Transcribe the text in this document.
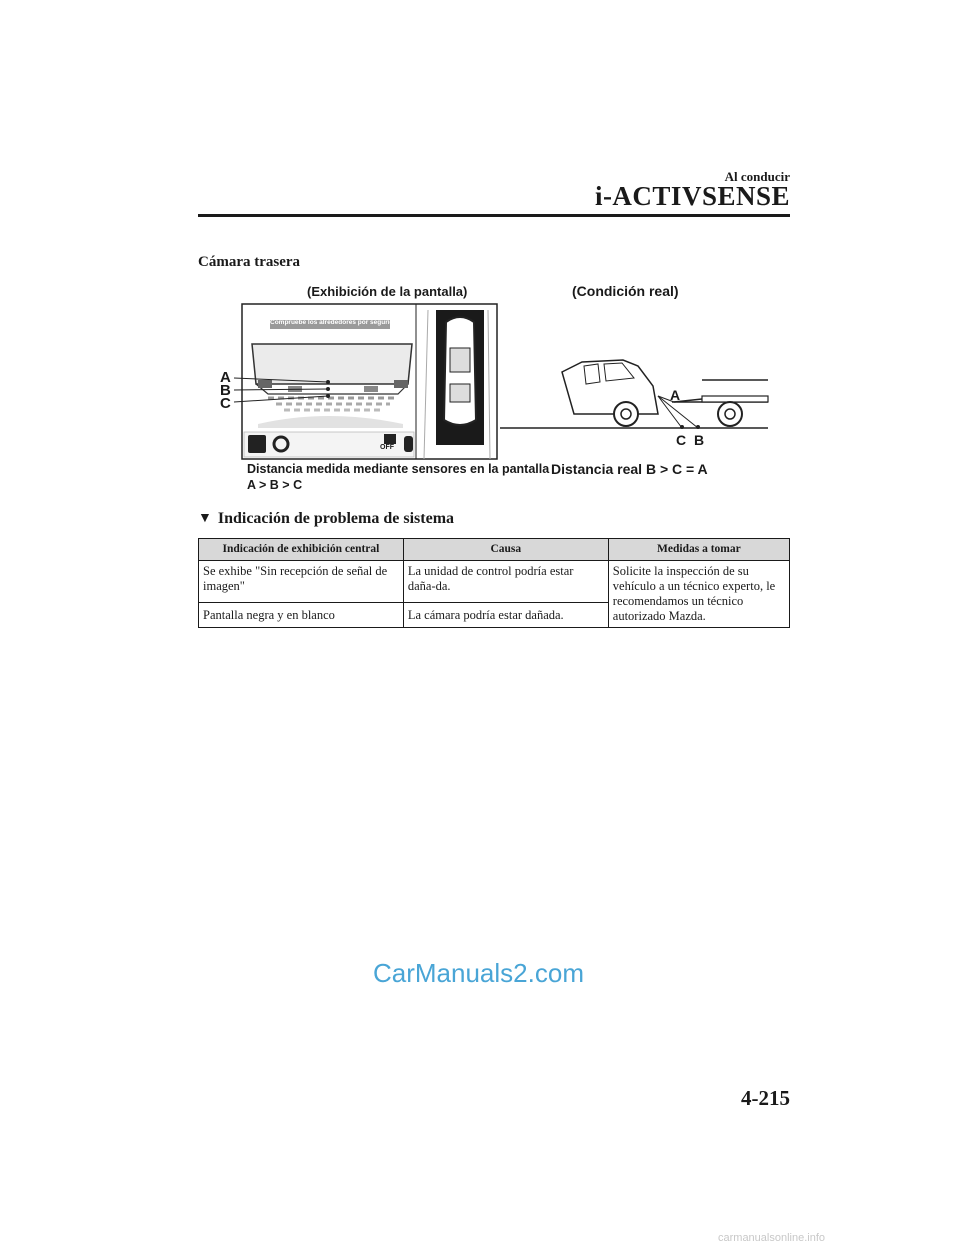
Al conducir
i-ACTIVSENSE
Cámara trasera
(Exhibición de la pantalla)	(Condición real)
A
B
C
Compruebe los alrededores por seguridad
OFF
A
C B
Distancia medida mediante sensores en la pantalla
A > B > C
Distancia real B > C = A
▼ Indicación de problema de sistema
Indicación de exhibición central	Causa	Medidas a tomar
Se exhibe "Sin recepción de señal de imagen"	La unidad de control podría estar daña-da.	Solicite la inspección de su vehículo a un técnico experto, le recomendamos un técnico autorizado Mazda.
Pantalla negra y en blanco	La cámara podría estar dañada.	
CarManuals2.com
4-215
carmanualsonline.info
